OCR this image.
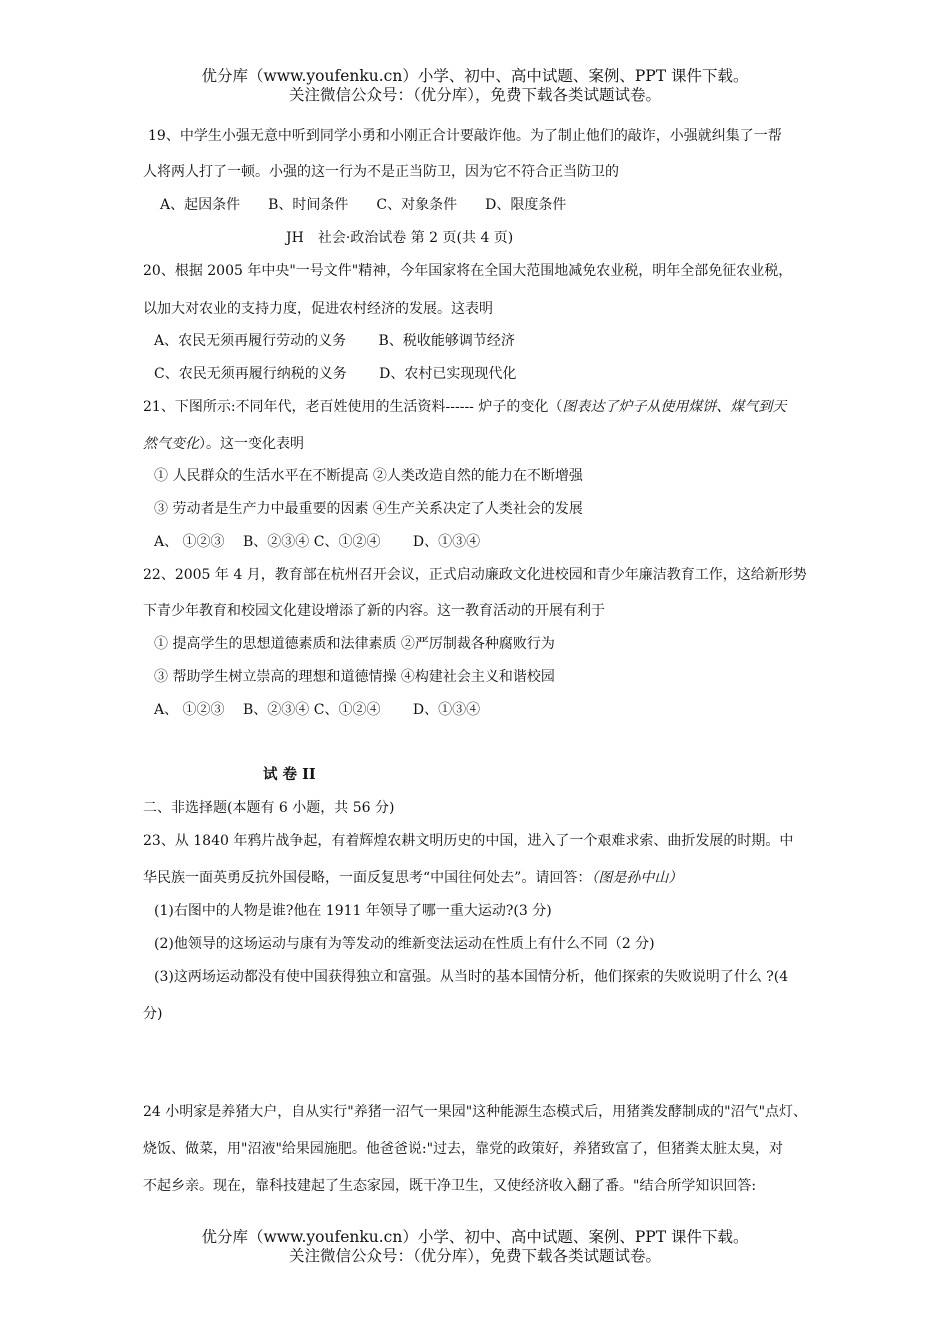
优分库（www.youfenku.cn）小学、初中、高中试题、案例、PPT 课件下载。
关注微信公众号：（优分库），免费下载各类试题试卷。
19、中学生小强无意中听到同学小勇和小刚正合计要敲诈他。为了制止他们的敲诈，小强就纠集了一帮
人将两人打了一顿。小强的这一行为不是正当防卫，因为它不符合正当防卫的
A、起因条件　　B、时间条件　　C、对象条件　　D、限度条件
JH　社会·政治试卷 第 2 页(共 4 页)
20、根据 2005 年中央"一号文件"精神，今年国家将在全国大范围地减免农业税，明年全部免征农业税，
以加大对农业的支持力度，促进农村经济的发展。这表明
A、农民无须再履行劳动的义务　　 B、税收能够调节经济
C、农民无须再履行纳税的义务　　 D、农村已实现现代化
21、下图所示:不同年代，老百姓使用的生活资料------ 炉子的变化（图表达了炉子从使用煤饼、煤气到天
然气变化）。这一变化表明
① 人民群众的生活水平在不断提高 ②人类改造自然的能力在不断增强
③ 劳动者是生产力中最重要的因素 ④生产关系决定了人类社会的发展
A、 ①②③　 B、②③④ C、①②④　　 D、①③④
22、2005 年 4 月，教育部在杭州召开会议，正式启动廉政文化进校园和青少年廉洁教育工作，这给新形势
下青少年教育和校园文化建设增添了新的内容。这一教育活动的开展有利于
① 提高学生的思想道德素质和法律素质 ②严厉制裁各种腐败行为
③ 帮助学生树立崇高的理想和道德情操 ④构建社会主义和谐校园
A、 ①②③　 B、②③④ C、①②④　　 D、①③④
试 卷 II
二、非选择题(本题有 6 小题，共 56 分)
23、从 1840 年鸦片战争起，有着辉煌农耕文明历史的中国，进入了一个艰难求索、曲折发展的时期。中
华民族一面英勇反抗外国侵略，一面反复思考“中国往何处去”。请回答：（图是孙中山）
(1)右图中的人物是谁?他在 1911 年领导了哪一重大运动?(3 分)
(2)他领导的这场运动与康有为等发动的维新变法运动在性质上有什么不同（2 分)
(3)这两场运动都没有使中国获得独立和富强。从当时的基本国情分析，他们探索的失败说明了什么 ?(4
分)
24 小明家是养猪大户，自从实行"养猪一沼气一果园"这种能源生态模式后，用猪粪发酵制成的"沼气"点灯、
烧饭、做菜，用"沼液"给果园施肥。他爸爸说:"过去，靠党的政策好，养猪致富了，但猪粪太脏太臭，对
不起乡亲。现在，靠科技建起了生态家园，既干净卫生，又使经济收入翻了番。"结合所学知识回答:
优分库（www.youfenku.cn）小学、初中、高中试题、案例、PPT 课件下载。
关注微信公众号：（优分库），免费下载各类试题试卷。
